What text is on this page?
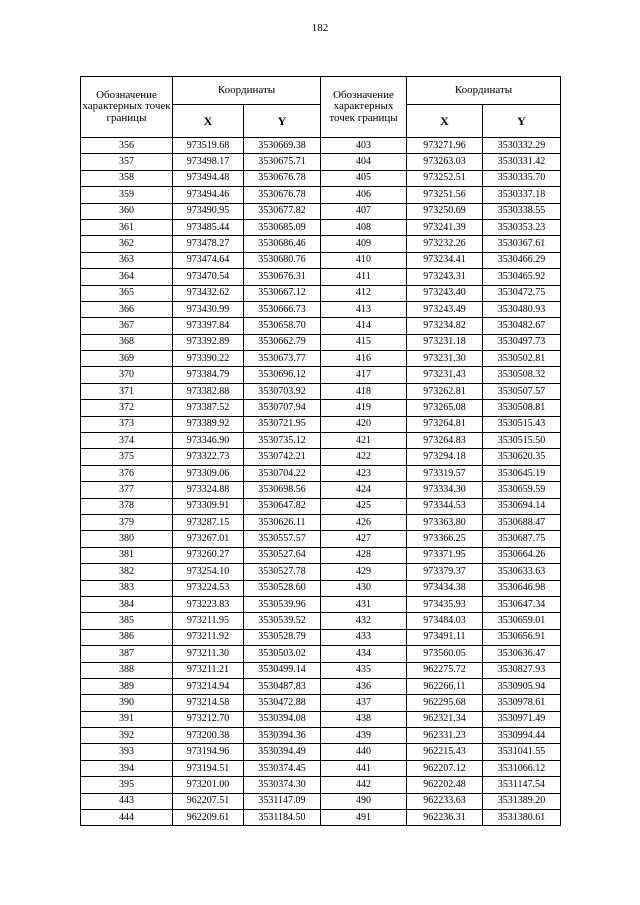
182
Обозначение характерных точек границы	Координаты		Обозначение характерных точек границы	Координаты	
	X	Y		X	Y
356	973519.68	3530669.38	403	973271.96	3530332.29
357	973498.17	3530675.71	404	973263.03	3530331.42
358	973494.48	3530676.78	405	973252.51	3530335.70
359	973494.46	3530676.78	406	973251.56	3530337.18
360	973490.95	3530677.82	407	973250.69	3530338.55
361	973485.44	3530685.09	408	973241.39	3530353.23
362	973478.27	3530686.46	409	973232.26	3530367.61
363	973474.64	3530680.76	410	973234.41	3530466.29
364	973470.54	3530676.31	411	973243.31	3530465.92
365	973432.62	3530667.12	412	973243.40	3530472.75
366	973430.99	3530666.73	413	973243.49	3530480.93
367	973397.84	3530658.70	414	973234.82	3530482.67
368	973392.89	3530662.79	415	973231.18	3530497.73
369	973390.22	3530673.77	416	973231.30	3530502.81
370	973384.79	3530696.12	417	973231.43	3530508.32
371	973382.88	3530703.92	418	973262.81	3530507.57
372	973387.52	3530707.94	419	973265.08	3530508.81
373	973389.92	3530721.95	420	973264.81	3530515.43
374	973346.90	3530735.12	421	973264.83	3530515.50
375	973322.73	3530742.21	422	973294.18	3530620.35
376	973309.06	3530704.22	423	973319.57	3530645.19
377	973324.88	3530698.56	424	973334.30	3530659.59
378	973309.91	3530647.82	425	973344.53	3530694.14
379	973287.15	3530626.11	426	973363.80	3530688.47
380	973267.01	3530557.57	427	973366.25	3530687.75
381	973260.27	3530527.64	428	973371.95	3530664.26
382	973254.10	3530527.78	429	973379.37	3530633.63
383	973224.53	3530528.60	430	973434.38	3530646.98
384	973223.83	3530539.96	431	973435.93	3530647.34
385	973211.95	3530539.52	432	973484.03	3530659.01
386	973211.92	3530528.79	433	973491.11	3530656.91
387	973211.30	3530503.02	434	973560.05	3530636.47
388	973211.21	3530499.14	435	962275.72	3530827.93
389	973214.94	3530487.83	436	962266.11	3530905.94
390	973214.58	3530472.88	437	962295.68	3530978.61
391	973212.70	3530394.08	438	962321.34	3530971.49
392	973200.38	3530394.36	439	962331.23	3530994.44
393	973194.96	3530394.49	440	962215.43	3531041.55
394	973194.51	3530374.45	441	962207.12	3531066.12
395	973201.00	3530374.30	442	962202.48	3531147.54
443	962207.51	3531147.09	490	962233.63	3531389.20
444	962209.61	3531184.50	491	962236.31	3531380.61
